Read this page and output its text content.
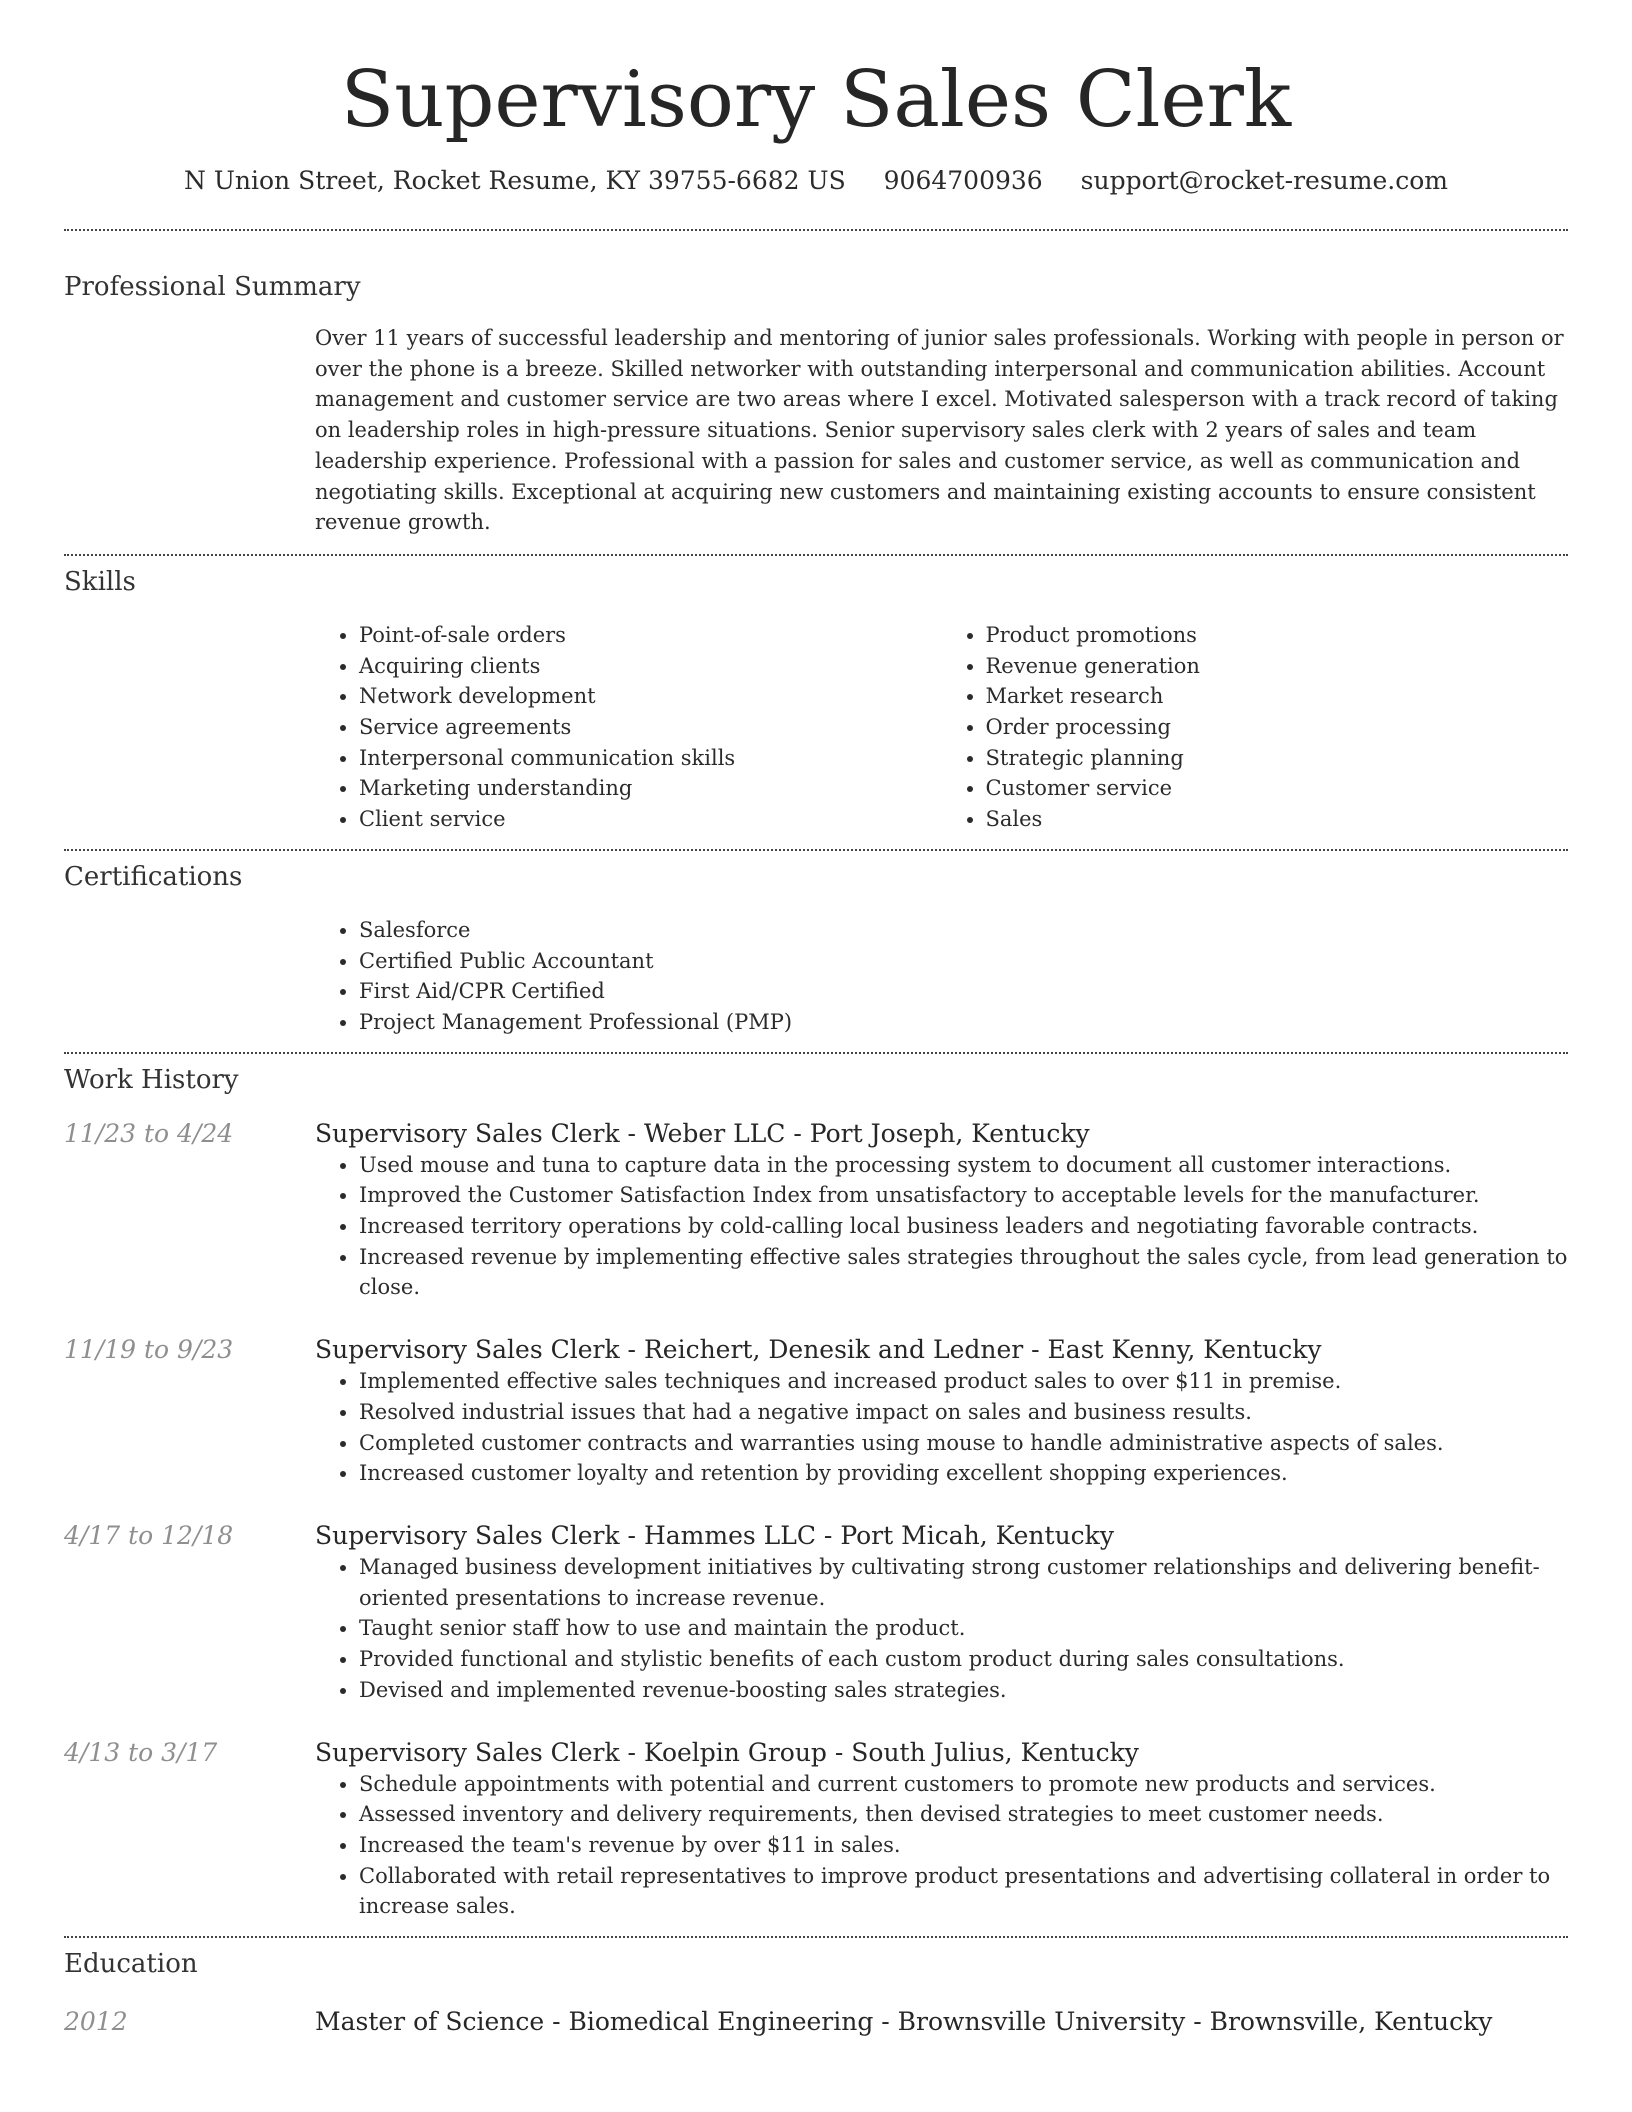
Supervisory Sales Clerk
N Union Street, Rocket Resume, KY 39755-6682 US 9064700936 support@rocket-resume.com
Professional Summary
Over 11 years of successful leadership and mentoring of junior sales professionals. Working with people in person or over the phone is a breeze. Skilled networker with outstanding interpersonal and communication abilities. Account management and customer service are two areas where I excel. Motivated salesperson with a track record of taking on leadership roles in high-pressure situations. Senior supervisory sales clerk with 2 years of sales and team leadership experience. Professional with a passion for sales and customer service, as well as communication and negotiating skills. Exceptional at acquiring new customers and maintaining existing accounts to ensure consistent revenue growth.
Skills
• Point-of-sale orders
• Acquiring clients
• Network development
• Service agreements
• Interpersonal communication skills
• Marketing understanding
• Client service
• Product promotions
• Revenue generation
• Market research
• Order processing
• Strategic planning
• Customer service
• Sales
Certifications
• Salesforce
• Certified Public Accountant
• First Aid/CPR Certified
• Project Management Professional (PMP)
Work History
11/23 to 4/24	Supervisory Sales Clerk - Weber LLC - Port Joseph, Kentucky
• Used mouse and tuna to capture data in the processing system to document all customer interactions.
• Improved the Customer Satisfaction Index from unsatisfactory to acceptable levels for the manufacturer.
• Increased territory operations by cold-calling local business leaders and negotiating favorable contracts.
• Increased revenue by implementing effective sales strategies throughout the sales cycle, from lead generation to close.
11/19 to 9/23	Supervisory Sales Clerk - Reichert, Denesik and Ledner - East Kenny, Kentucky
• Implemented effective sales techniques and increased product sales to over $11 in premise.
• Resolved industrial issues that had a negative impact on sales and business results.
• Completed customer contracts and warranties using mouse to handle administrative aspects of sales.
• Increased customer loyalty and retention by providing excellent shopping experiences.
4/17 to 12/18	Supervisory Sales Clerk - Hammes LLC - Port Micah, Kentucky
• Managed business development initiatives by cultivating strong customer relationships and delivering benefit-oriented presentations to increase revenue.
• Taught senior staff how to use and maintain the product.
• Provided functional and stylistic benefits of each custom product during sales consultations.
• Devised and implemented revenue-boosting sales strategies.
4/13 to 3/17	Supervisory Sales Clerk - Koelpin Group - South Julius, Kentucky
• Schedule appointments with potential and current customers to promote new products and services.
• Assessed inventory and delivery requirements, then devised strategies to meet customer needs.
• Increased the team's revenue by over $11 in sales.
• Collaborated with retail representatives to improve product presentations and advertising collateral in order to increase sales.
Education
2012	Master of Science - Biomedical Engineering - Brownsville University - Brownsville, Kentucky
